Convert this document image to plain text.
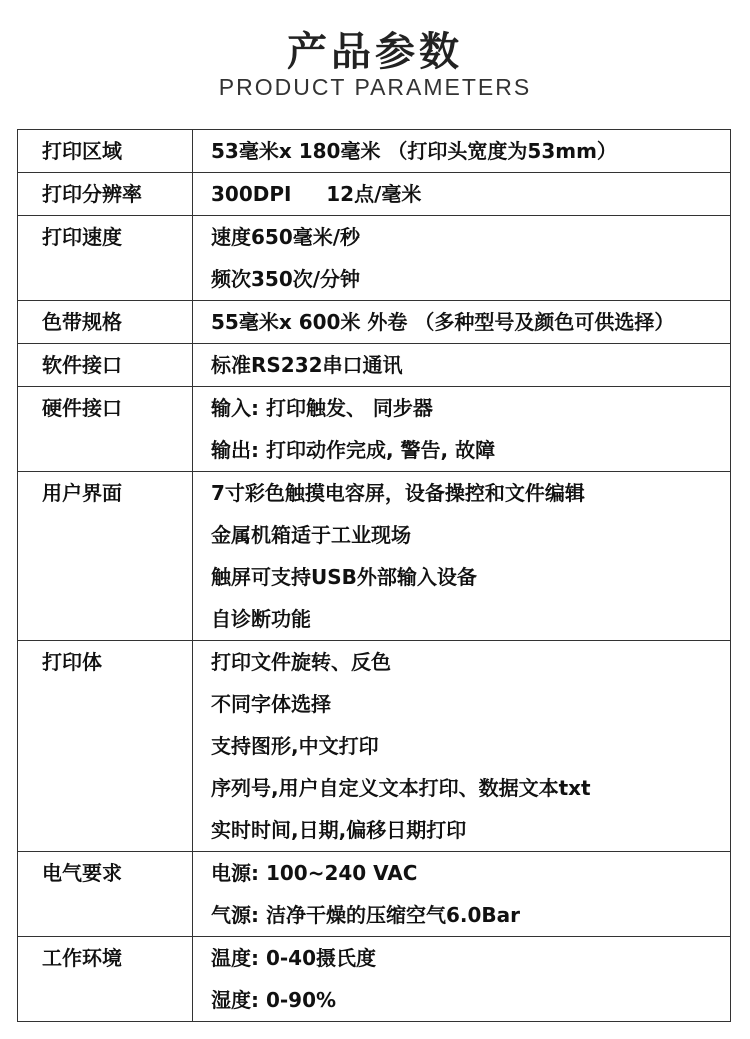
产品参数
PRODUCT PARAMETERS
打印区域	53毫米x 180毫米 （打印头宽度为53mm）

打印分辨率	300DPI     12点/毫米

打印速度	速度650毫米/秒
频次350次/分钟

色带规格	55毫米x 600米 外卷 （多种型号及颜色可供选择）

软件接口	标准RS232串口通讯

硬件接口	输入: 打印触发、 同步器
输出: 打印动作完成, 警告, 故障

用户界面	7寸彩色触摸电容屏，设备操控和文件编辑
金属机箱适于工业现场
触屏可支持USB外部输入设备
自诊断功能

打印体	打印文件旋转、反色
不同字体选择
支持图形,中文打印
序列号,用户自定义文本打印、数据文本txt
实时时间,日期,偏移日期打印

电气要求	电源: 100~240 VAC
气源: 洁净干燥的压缩空气6.0Bar

工作环境	温度: 0-40摄氏度
湿度: 0-90%
